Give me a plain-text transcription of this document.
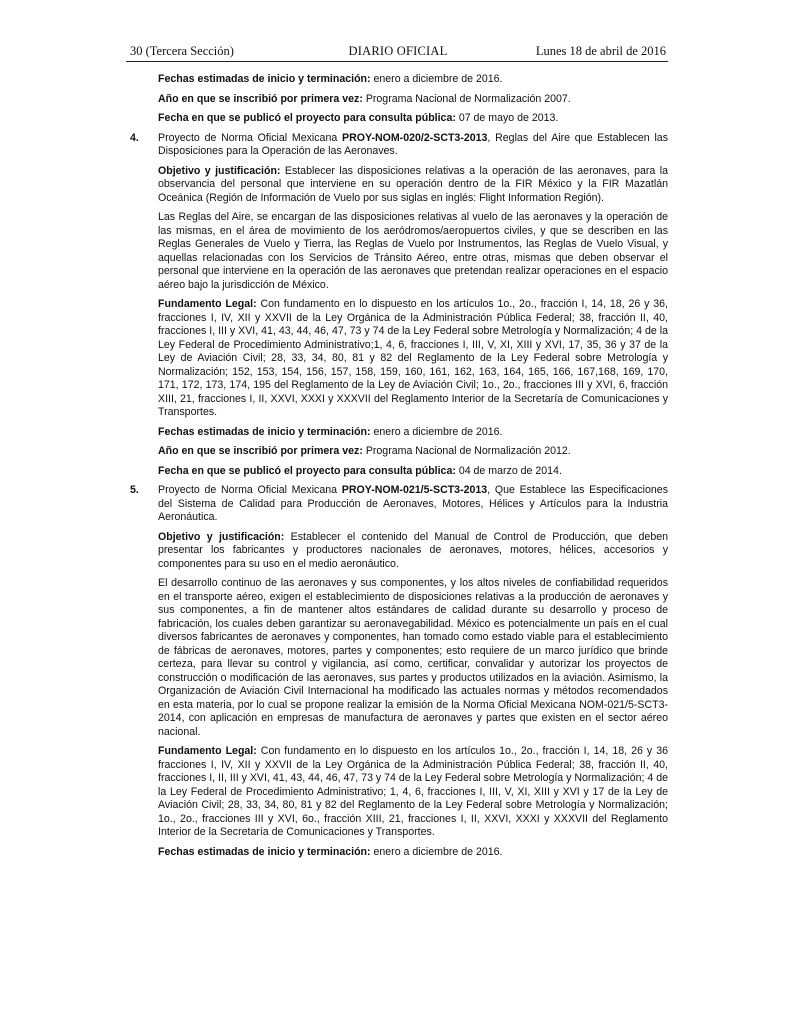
30 (Tercera Sección)	DIARIO OFICIAL	Lunes 18 de abril de 2016

Fechas estimadas de inicio y terminación: enero a diciembre de 2016.

Año en que se inscribió por primera vez: Programa Nacional de Normalización 2007.

Fecha en que se publicó el proyecto para consulta pública: 07 de mayo de 2013.

4. Proyecto de Norma Oficial Mexicana PROY-NOM-020/2-SCT3-2013, Reglas del Aire que Establecen las Disposiciones para la Operación de las Aeronaves.

Objetivo y justificación: Establecer las disposiciones relativas a la operación de las aeronaves, para la observancia del personal que interviene en su operación dentro de la FIR México y la FIR Mazatlán Oceánica (Región de Información de Vuelo por sus siglas en inglés: Flight Information Región).

Las Reglas del Aire, se encargan de las disposiciones relativas al vuelo de las aeronaves y la operación de las mismas, en el área de movimiento de los aeródromos/aeropuertos civiles, y que se describen en las Reglas Generales de Vuelo y Tierra, las Reglas de Vuelo por Instrumentos, las Reglas de Vuelo Visual, y aquellas relacionadas con los Servicios de Tránsito Aéreo, entre otras, mismas que deben observar el personal que interviene en la operación de las aeronaves que pretendan realizar operaciones en el espacio aéreo bajo la jurisdicción de México.

Fundamento Legal: Con fundamento en lo dispuesto en los artículos 1o., 2o., fracción I, 14, 18, 26 y 36, fracciones I, IV, XII y XXVII de la Ley Orgánica de la Administración Pública Federal; 38, fracción II, 40, fracciones I, III y XVI, 41, 43, 44, 46, 47, 73 y 74 de la Ley Federal sobre Metrología y Normalización; 4 de la Ley Federal de Procedimiento Administrativo;1, 4, 6, fracciones I, III, V, XI, XIII y XVI, 17, 35, 36 y 37 de la Ley de Aviación Civil; 28, 33, 34, 80, 81 y 82 del Reglamento de la Ley Federal sobre Metrología y Normalización; 152, 153, 154, 156, 157, 158, 159, 160, 161, 162, 163, 164, 165, 166, 167,168, 169, 170, 171, 172, 173, 174, 195 del Reglamento de la Ley de Aviación Civil; 1o., 2o., fracciones III y XVI, 6, fracción XIII, 21, fracciones I, II, XXVI, XXXI y XXXVII del Reglamento Interior de la Secretaría de Comunicaciones y Transportes.

Fechas estimadas de inicio y terminación: enero a diciembre de 2016.

Año en que se inscribió por primera vez: Programa Nacional de Normalización 2012.

Fecha en que se publicó el proyecto para consulta pública: 04 de marzo de 2014.

5. Proyecto de Norma Oficial Mexicana PROY-NOM-021/5-SCT3-2013, Que Establece las Especificaciones del Sistema de Calidad para Producción de Aeronaves, Motores, Hélices y Artículos para la Industria Aeronáutica.

Objetivo y justificación: Establecer el contenido del Manual de Control de Producción, que deben presentar los fabricantes y productores nacionales de aeronaves, motores, hélices, accesorios y componentes para su uso en el medio aeronáutico.

El desarrollo continuo de las aeronaves y sus componentes, y los altos niveles de confiabilidad requeridos en el transporte aéreo, exigen el establecimiento de disposiciones relativas a la producción de aeronaves y sus componentes, a fin de mantener altos estándares de calidad durante su desarrollo y proceso de fabricación, los cuales deben garantizar su aeronavegabilidad. México es potencialmente un país en el cual diversos fabricantes de aeronaves y componentes, han tomado como estado viable para el establecimiento de fábricas de aeronaves, motores, partes y componentes; esto requiere de un marco jurídico que brinde certeza, para llevar su control y vigilancia, así como, certificar, convalidar y autorizar los proyectos de construcción o modificación de las aeronaves, sus partes y productos utilizados en la aviación. Asimismo, la Organización de Aviación Civil Internacional ha modificado las actuales normas y métodos recomendados en esta materia, por lo cual se propone realizar la emisión de la Norma Oficial Mexicana NOM-021/5-SCT3-2014, con aplicación en empresas de manufactura de aeronaves y partes que existen en el sector aéreo nacional.

Fundamento Legal: Con fundamento en lo dispuesto en los artículos 1o., 2o., fracción I, 14, 18, 26 y 36 fracciones I, IV, XII y XXVII de la Ley Orgánica de la Administración Pública Federal; 38, fracción II, 40, fracciones I, II, III y XVI, 41, 43, 44, 46, 47, 73 y 74 de la Ley Federal sobre Metrología y Normalización; 4 de la Ley Federal de Procedimiento Administrativo; 1, 4, 6, fracciones I, III, V, XI, XIII y XVI y 17 de la Ley de Aviación Civil; 28, 33, 34, 80, 81 y 82 del Reglamento de la Ley Federal sobre Metrología y Normalización; 1o., 2o., fracciones III y XVI, 6o., fracción XIII, 21, fracciones I, II, XXVI, XXXI y XXXVII del Reglamento Interior de la Secretaría de Comunicaciones y Transportes.

Fechas estimadas de inicio y terminación: enero a diciembre de 2016.
